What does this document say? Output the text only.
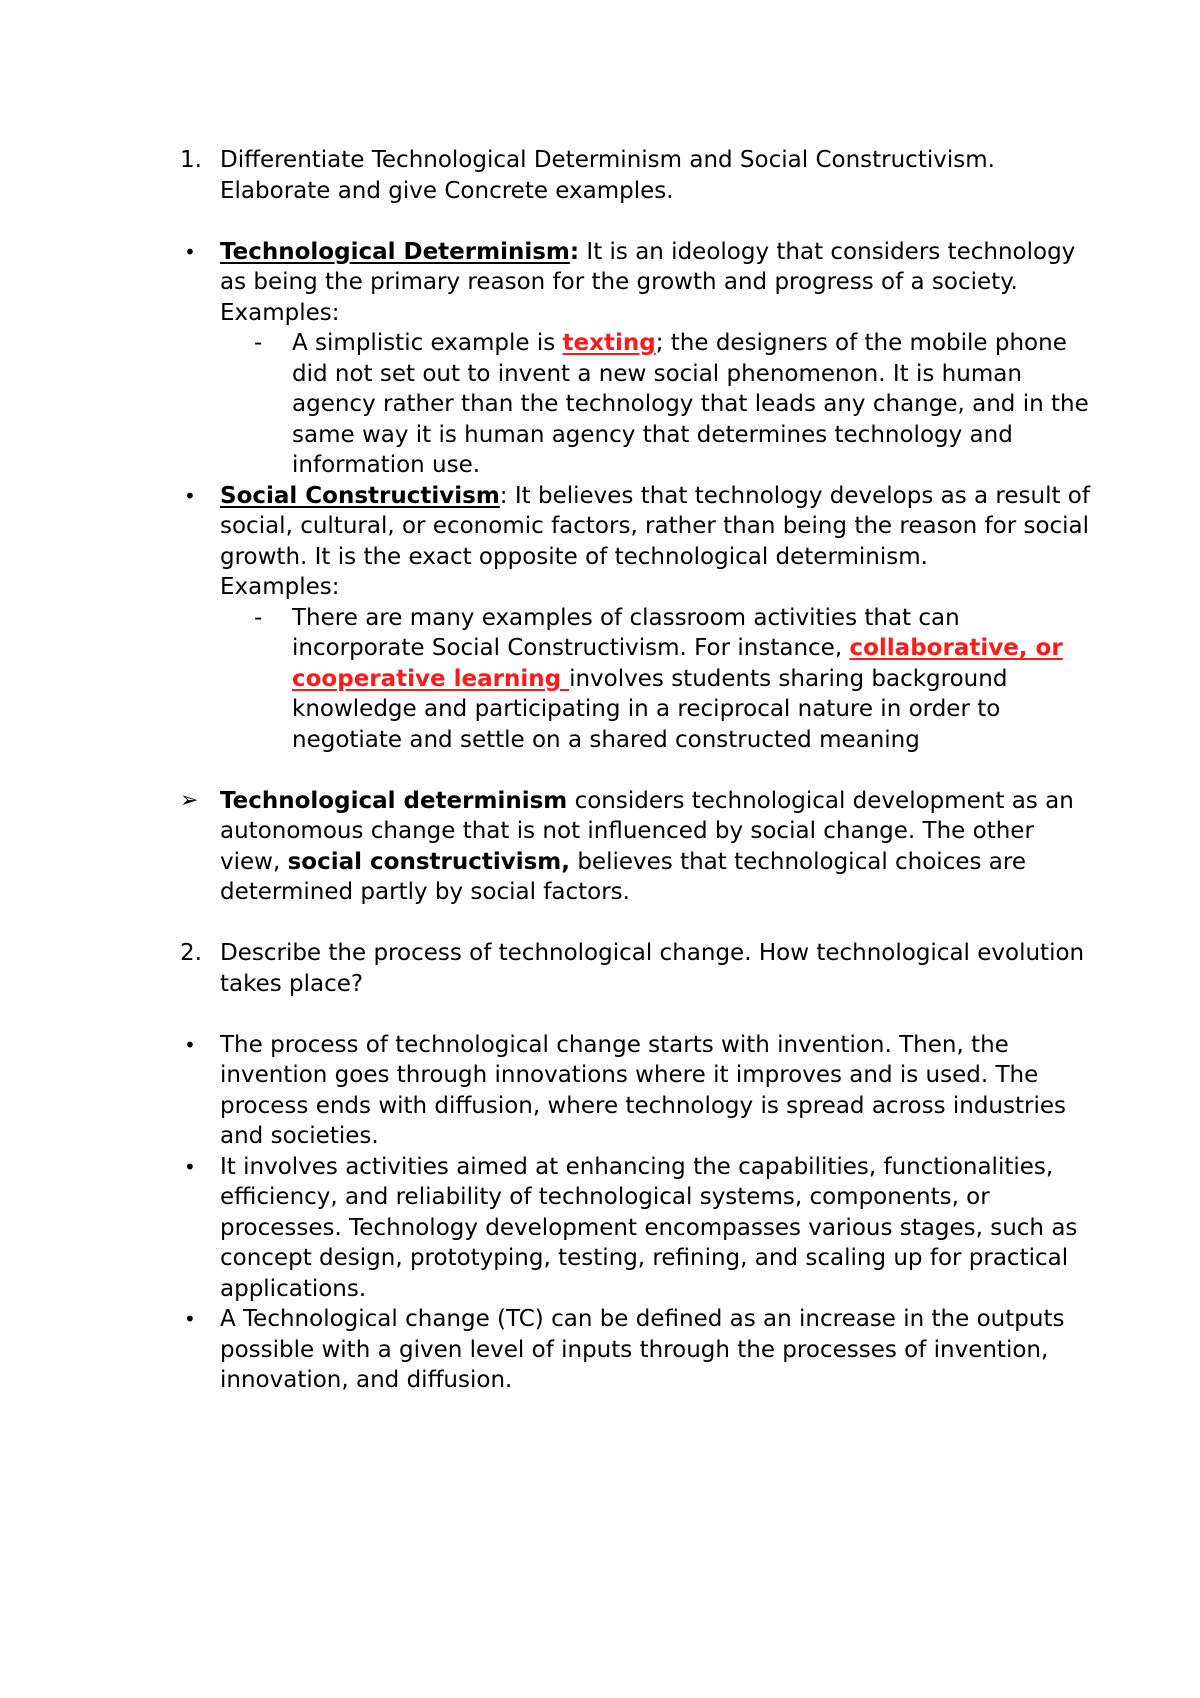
1. Differentiate Technological Determinism and Social Constructivism. Elaborate and give Concrete examples.
•	Technological Determinism: It is an ideology that considers technology as being the primary reason for the growth and progress of a society.
Examples:
- A simplistic example is texting; the designers of the mobile phone did not set out to invent a new social phenomenon. It is human agency rather than the technology that leads any change, and in the same way it is human agency that determines technology and information use.
•	Social Constructivism: It believes that technology develops as a result of social, cultural, or economic factors, rather than being the reason for social growth. It is the exact opposite of technological determinism.
Examples:
- There are many examples of classroom activities that can incorporate Social Constructivism. For instance, collaborative, or cooperative learning involves students sharing background knowledge and participating in a reciprocal nature in order to negotiate and settle on a shared constructed meaning
➢ Technological determinism considers technological development as an autonomous change that is not influenced by social change. The other view, social constructivism, believes that technological choices are determined partly by social factors.
2. Describe the process of technological change. How technological evolution takes place?
•	The process of technological change starts with invention. Then, the invention goes through innovations where it improves and is used. The process ends with diffusion, where technology is spread across industries and societies.
•	It involves activities aimed at enhancing the capabilities, functionalities, efficiency, and reliability of technological systems, components, or processes. Technology development encompasses various stages, such as concept design, prototyping, testing, refining, and scaling up for practical applications.
•	A Technological change (TC) can be defined as an increase in the outputs possible with a given level of inputs through the processes of invention, innovation, and diffusion.
